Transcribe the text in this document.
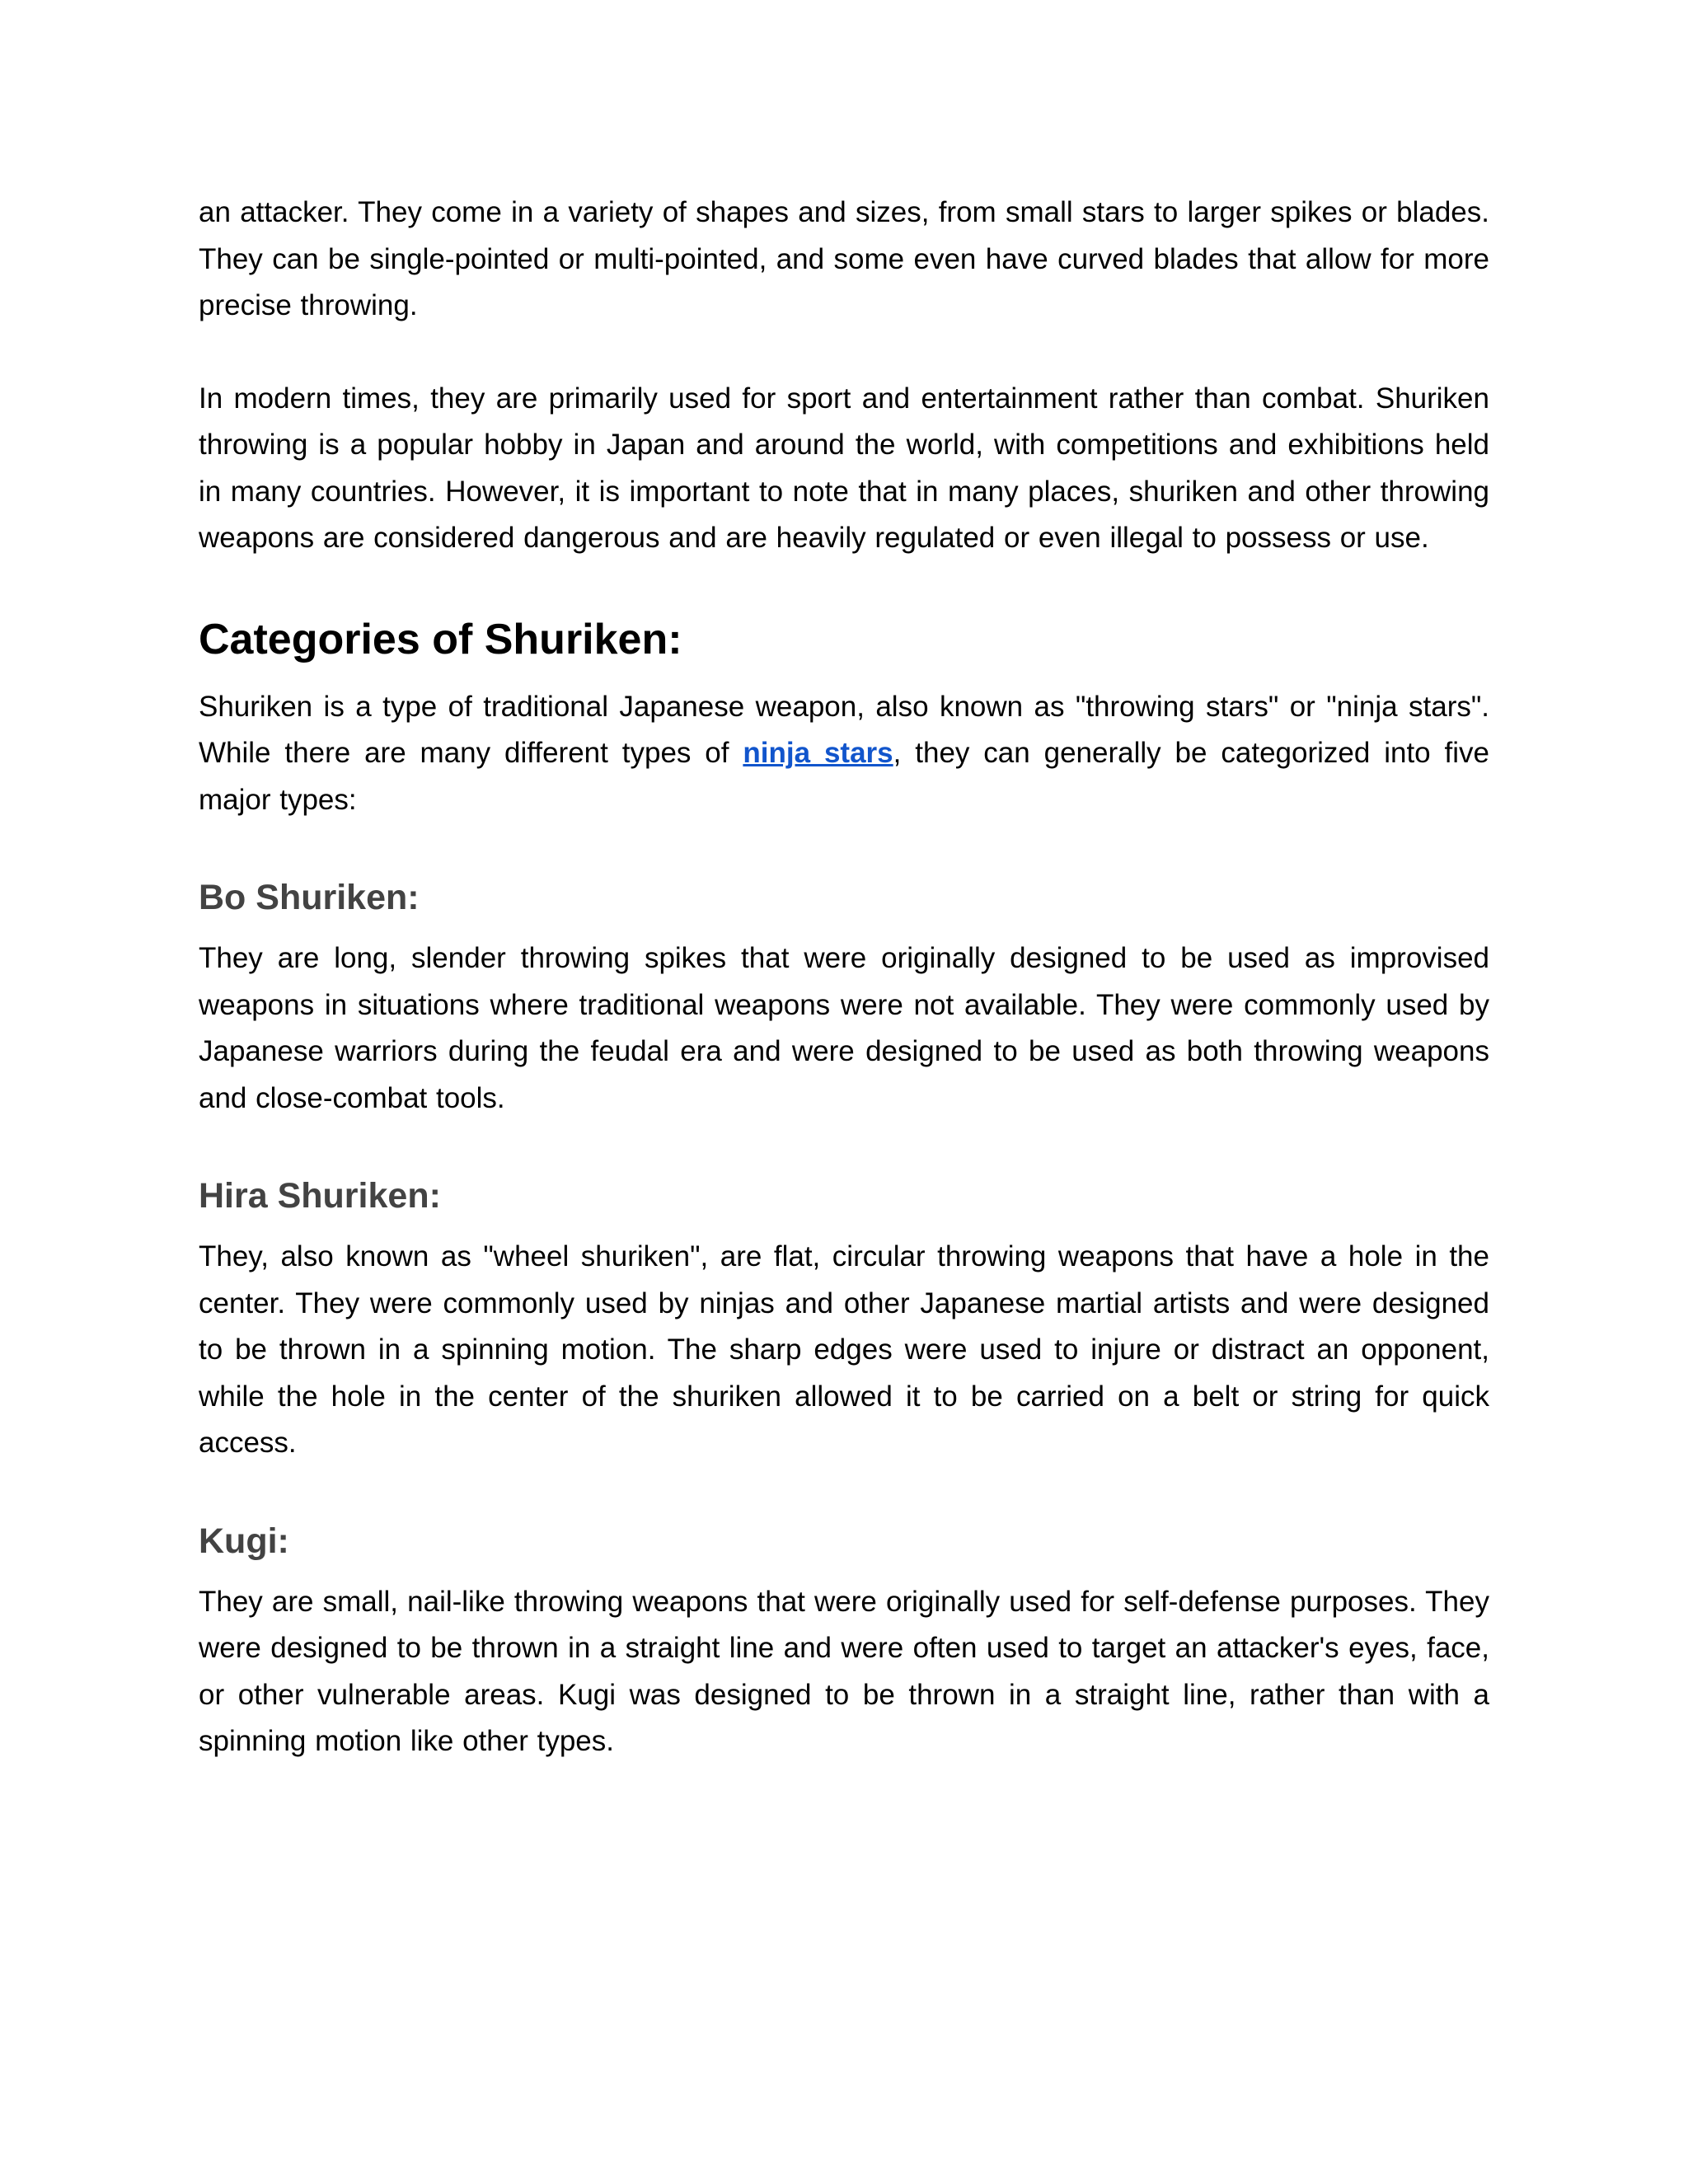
an attacker. They come in a variety of shapes and sizes, from small stars to larger spikes or blades. They can be single-pointed or multi-pointed, and some even have curved blades that allow for more precise throwing.

In modern times, they are primarily used for sport and entertainment rather than combat. Shuriken throwing is a popular hobby in Japan and around the world, with competitions and exhibitions held in many countries. However, it is important to note that in many places, shuriken and other throwing weapons are considered dangerous and are heavily regulated or even illegal to possess or use.

Categories of Shuriken:

Shuriken is a type of traditional Japanese weapon, also known as "throwing stars" or "ninja stars". While there are many different types of ninja stars, they can generally be categorized into five major types:

Bo Shuriken:

They are long, slender throwing spikes that were originally designed to be used as improvised weapons in situations where traditional weapons were not available. They were commonly used by Japanese warriors during the feudal era and were designed to be used as both throwing weapons and close-combat tools.

Hira Shuriken:

They, also known as "wheel shuriken", are flat, circular throwing weapons that have a hole in the center. They were commonly used by ninjas and other Japanese martial artists and were designed to be thrown in a spinning motion. The sharp edges were used to injure or distract an opponent, while the hole in the center of the shuriken allowed it to be carried on a belt or string for quick access.

Kugi:

They are small, nail-like throwing weapons that were originally used for self-defense purposes. They were designed to be thrown in a straight line and were often used to target an attacker's eyes, face, or other vulnerable areas. Kugi was designed to be thrown in a straight line, rather than with a spinning motion like other types.
